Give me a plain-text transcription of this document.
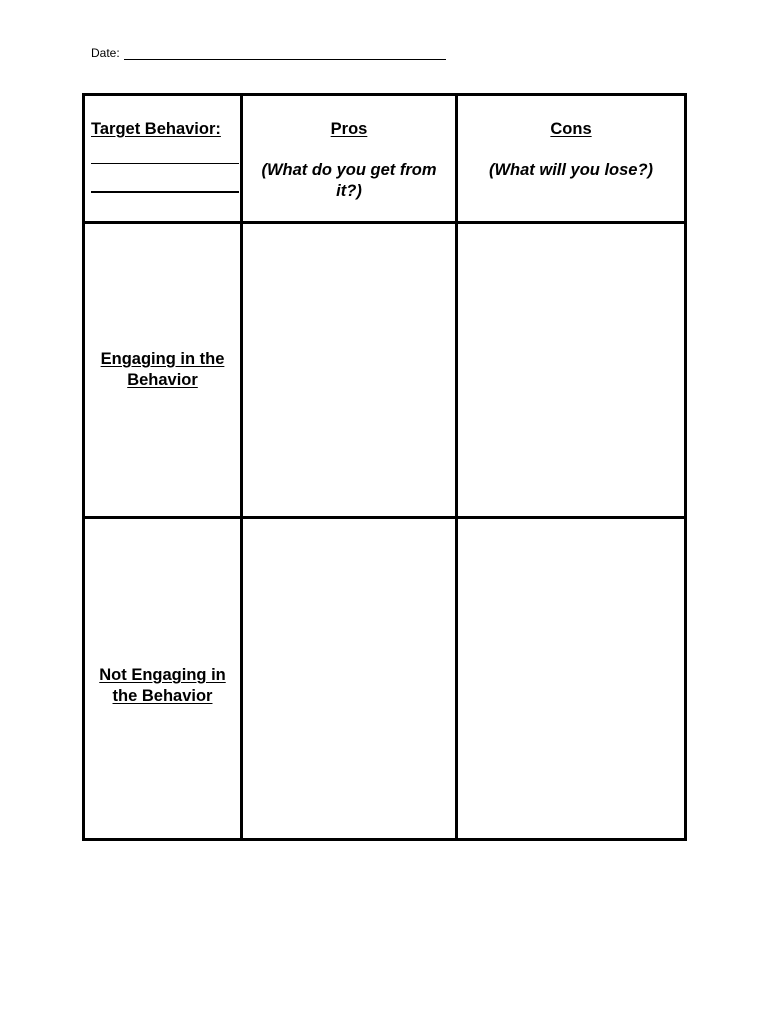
Date:
Target Behavior:	Pros
(What do you get from it?)
Cons
(What will you lose?)
Engaging in the Behavior
Not Engaging in the Behavior
